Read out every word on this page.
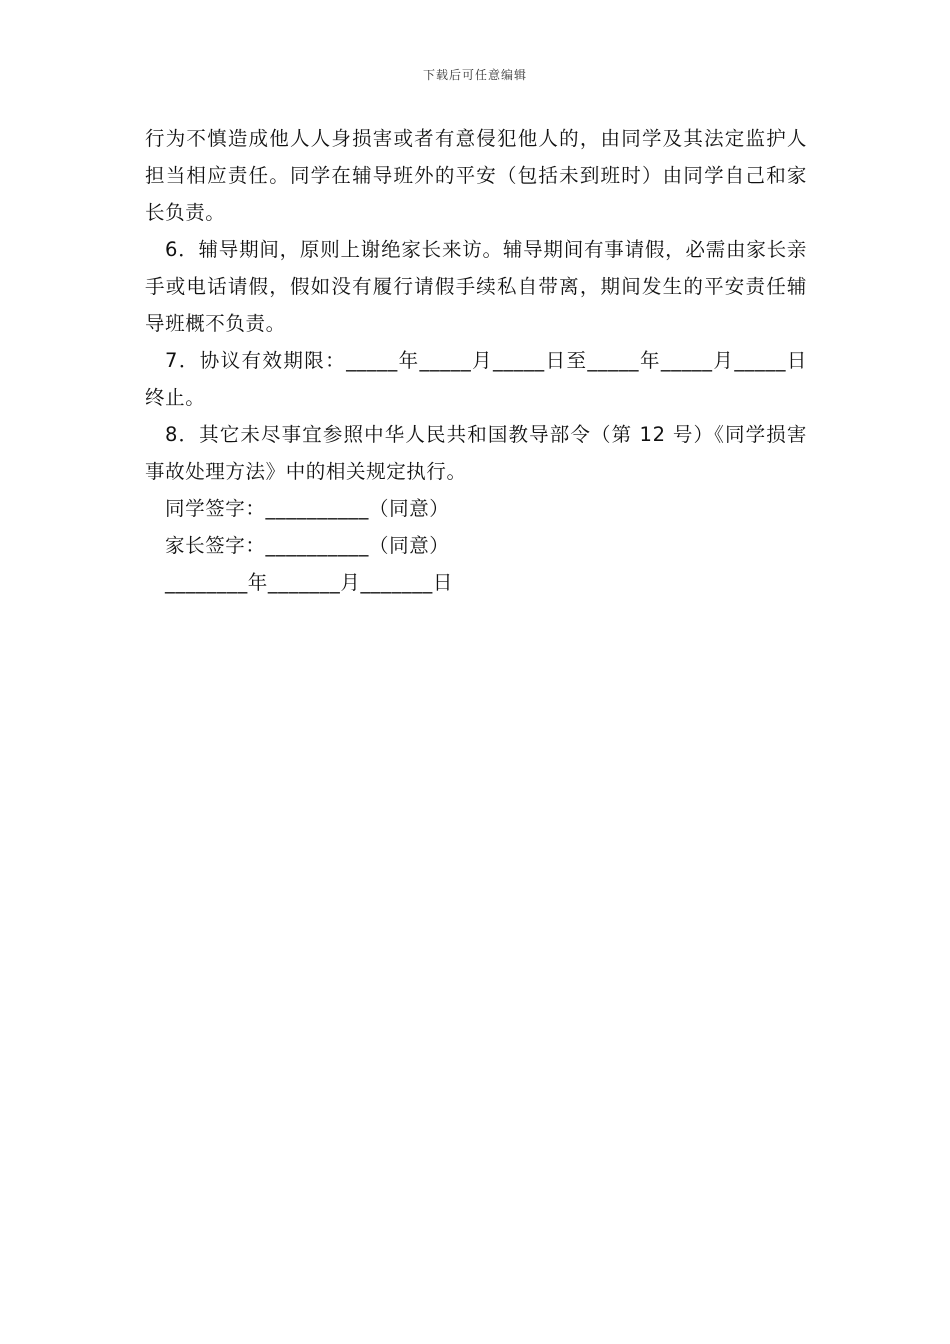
下载后可任意编辑

行为不慎造成他人人身损害或者有意侵犯他人的，由同学及其法定监护人担当相应责任。同学在辅导班外的平安（包括未到班时）由同学自己和家长负责。

6．辅导期间，原则上谢绝家长来访。辅导期间有事请假，必需由家长亲手或电话请假，假如没有履行请假手续私自带离，期间发生的平安责任辅导班概不负责。

7．协议有效期限：_____年_____月_____日至_____年_____月_____日终止。

8．其它未尽事宜参照中华人民共和国教导部令（第 12 号）《同学损害事故处理方法》中的相关规定执行。

同学签字：__________（同意）

家长签字：__________（同意）

________年_______月_______日
